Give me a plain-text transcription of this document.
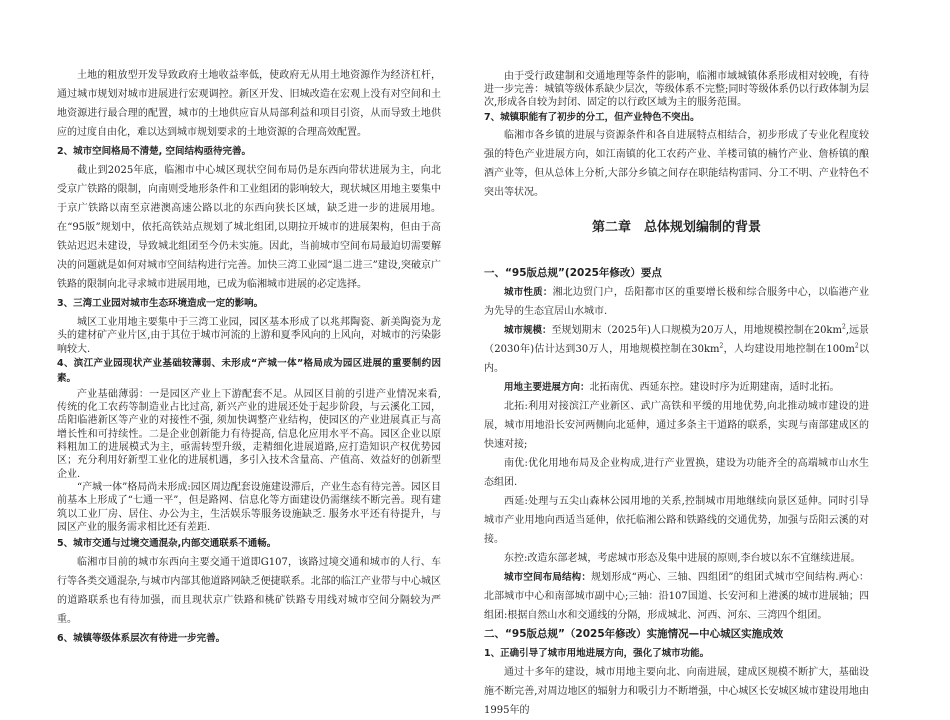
土地的粗放型开发导致政府土地收益率低，使政府无从用土地资源作为经济杠杆，通过城市规划对城市进展进行宏观调控。新区开发、旧城改造在宏观上没有对空间和土地资源进行最合理的配置，城市的土地供应盲从局部利益和项目引资，从而导致土地供应的过度自由化，难以达到城市规划要求的土地资源的合理高效配置。

2、城市空间格局不清楚, 空间结构亟待完善。

截止到2025年底，临湘市中心城区现状空间布局仍是东西向带状进展为主，向北受京广铁路的限制，向南则受地形条件和工业组团的影响较大，现状城区用地主要集中于京广铁路以南至京港澳高速公路以北的东西向狭长区域，缺乏进一步的进展用地。在“95版”规划中，依托高铁站点规划了城北组团,以期拉开城市的进展架构，但由于高铁站迟迟未建设，导致城北组团至今仍未实施。因此，当前城市空间布局最迫切需要解决的问题就是如何对城市空间结构进行完善。加快三湾工业园“退二进三”建设,突破京广铁路的限制向北寻求城市进展用地，已成为临湘城市进展的必定选择。

3、三湾工业园对城市生态环境造成一定的影响。

城区工业用地主要集中于三湾工业园，园区基本形成了以兆邦陶瓷、新美陶瓷为龙头的建材矿产业片区,由于其位于城市河流的上游和夏季风向的上风向，对城市的污染影响较大.

4、滨江产业园现状产业基础较薄弱、未形成“产城一体”格局成为园区进展的重要制约因素。

产业基础薄弱：一是园区产业上下游配套不足。从园区目前的引进产业情况来看, 传统的化工农药等制造业占比过高, 新兴产业的进展还处于起步阶段，与云溪化工园，岳阳临港新区等产业的对接性不强, 须加快调整产业结构，使园区的产业进展真正与高增长性和可持续性。二是企业创新能力有待提高, 信息化应用水平不高。园区企业以原料粗加工的进展模式为主，亟需转型升级，走精细化进展道路,应打造知识产权优势园区；充分利用好新型工业化的进展机遇，多引入技术含量高、产值高、效益好的创新型企业.

“产城一体”格局尚未形成:园区周边配套设施建设滞后，产业生态有待完善。园区目前基本上形成了“七通一平”，但是路网、信息化等方面建设仍需继续不断完善。现有建筑以工业厂房、居住、办公为主，生活娱乐等服务设施缺乏. 服务水平还有待提升，与园区产业的服务需求相比还有差距.

5、城市交通与过境交通混杂,内部交通联系不通畅。

临湘市目前的城市东西向主要交通干道即G107，该路过境交通和城市的人行、车行等各类交通混杂,与城市内部其他道路网缺乏便捷联系。北部的临江产业带与中心城区的道路联系也有待加强，而且现状京广铁路和桃矿铁路专用线对城市空间分隔较为严重。

6、城镇等级体系层次有待进一步完善。

由于受行政建制和交通地理等条件的影响，临湘市域城镇体系形成相对较晚，有待进一步完善：城镇等级体系缺少层次，等级体系不完整;同时等级体系仍以行政体制为层次,形成各自较为封闭、固定的以行政区域为主的服务范围。

7、城镇职能有了初步的分工，但产业特色不突出。

临湘市各乡镇的进展与资源条件和各自进展特点相结合，初步形成了专业化程度较强的特色产业进展方向，如江南镇的化工农药产业、羊楼司镇的楠竹产业、詹桥镇的酿酒产业等，但从总体上分析,大部分乡镇之间存在职能结构雷同、分工不明、产业特色不突出等状况。

第二章　总体规划编制的背景

一、“95版总规”(2025年修改）要点

城市性质：湘北边贸门户，岳阳都市区的重要增长极和综合服务中心，以临港产业为先导的生态宜居山水城市.

城市规模：至规划期末（2025年)人口规模为20万人，用地规模控制在$20km^2$,远景（2030年)估计达到30万人，用地规模控制在$30km^2$，人均建设用地控制在$100m^2$以内。

用地主要进展方向：北拓南优、西延东控。建设时序为近期建南，适时北拓。

北拓:利用对接滨江产业新区、武广高铁和平缓的用地优势,向北推动城市建设的进展，城市用地沿长安河两侧向北延伸，通过多条主干道路的联系，实现与南部建成区的快速对接;

南优:优化用地布局及企业构成,进行产业置换，建设为功能齐全的高端城市山水生态组团.

西延:处理与五尖山森林公园用地的关系,控制城市用地继续向景区延伸。同时引导城市产业用地向西适当延伸，依托临湘公路和铁路线的交通优势，加强与岳阳云溪的对接。

东控:改造东部老城，考虑城市形态及集中进展的原则,李台坡以东不宜继续进展。

城市空间布局结构：规划形成“两心、三轴、四组团”的组团式城市空间结构.两心：北部城市中心和南部城市副中心;三轴：沿107国道、长安河和上港溪的城市进展轴；四组团:根据自然山水和交通线的分隔，形成城北、河西、河东、三湾四个组团。

二、“95版总规”（2025年修改）实施情况—中心城区实施成效

1、正确引导了城市用地进展方向，强化了城市功能。

通过十多年的建设，城市用地主要向北、向南进展，建成区规模不断扩大，基础设施不断完善,对周边地区的辐射力和吸引力不断增强，中心城区长安城区城市建设用地由1995年的
